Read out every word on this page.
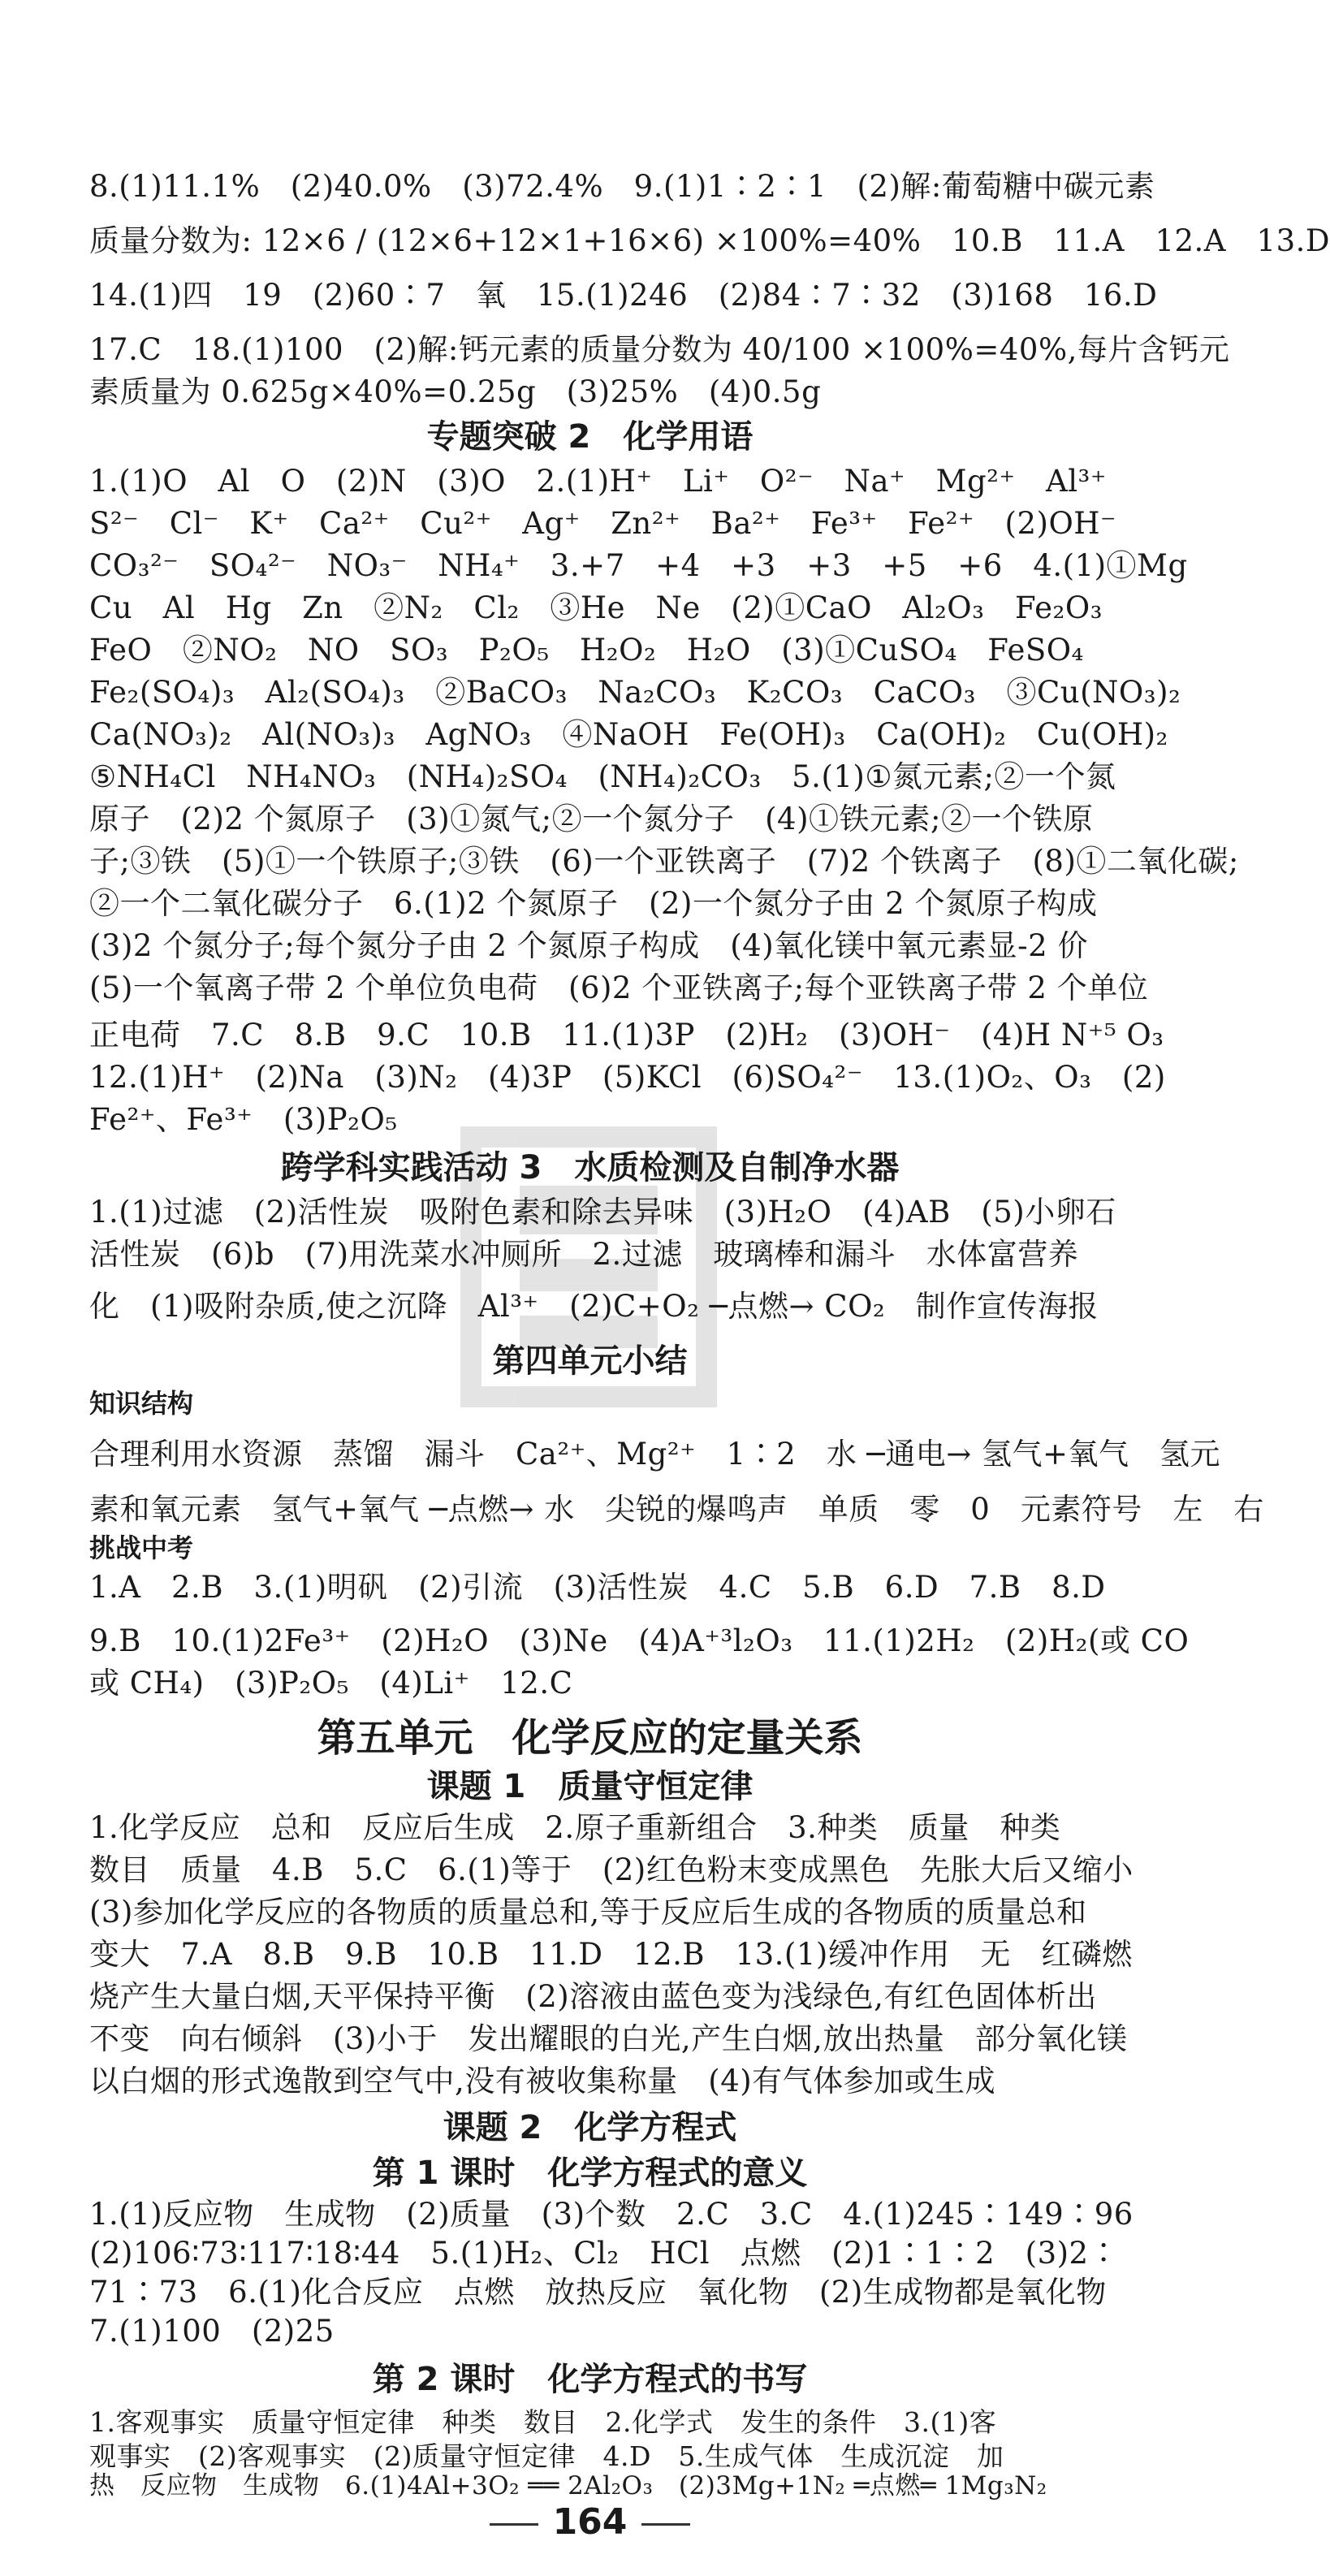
8.(1)11.1%　(2)40.0%　(3)72.4%　9.(1)1∶2∶1　(2)解:葡萄糖中碳元素
质量分数为: 12×6 / (12×6+12×1+16×6) ×100%=40%　10.B　11.A　12.A　13.D
14.(1)四　19　(2)60∶7　氧　15.(1)246　(2)84∶7∶32　(3)168　16.D
17.C　18.(1)100　(2)解:钙元素的质量分数为 40/100 ×100%=40%,每片含钙元
素质量为 0.625g×40%=0.25g　(3)25%　(4)0.5g
专题突破 2　化学用语
1.(1)O　Al　O　(2)N　(3)O　2.(1)H⁺　Li⁺　O²⁻　Na⁺　Mg²⁺　Al³⁺
S²⁻　Cl⁻　K⁺　Ca²⁺　Cu²⁺　Ag⁺　Zn²⁺　Ba²⁺　Fe³⁺　Fe²⁺　(2)OH⁻
CO₃²⁻　SO₄²⁻　NO₃⁻　NH₄⁺　3.+7　+4　+3　+3　+5　+6　4.(1)①Mg
Cu　Al　Hg　Zn　②N₂　Cl₂　③He　Ne　(2)①CaO　Al₂O₃　Fe₂O₃
FeO　②NO₂　NO　SO₃　P₂O₅　H₂O₂　H₂O　(3)①CuSO₄　FeSO₄
Fe₂(SO₄)₃　Al₂(SO₄)₃　②BaCO₃　Na₂CO₃　K₂CO₃　CaCO₃　③Cu(NO₃)₂
Ca(NO₃)₂　Al(NO₃)₃　AgNO₃　④NaOH　Fe(OH)₃　Ca(OH)₂　Cu(OH)₂
⑤NH₄Cl　NH₄NO₃　(NH₄)₂SO₄　(NH₄)₂CO₃　5.(1)①氮元素;②一个氮
原子　(2)2 个氮原子　(3)①氮气;②一个氮分子　(4)①铁元素;②一个铁原
子;③铁　(5)①一个铁原子;③铁　(6)一个亚铁离子　(7)2 个铁离子　(8)①二氧化碳;
②一个二氧化碳分子　6.(1)2 个氮原子　(2)一个氮分子由 2 个氮原子构成
(3)2 个氮分子;每个氮分子由 2 个氮原子构成　(4)氧化镁中氧元素显-2 价
(5)一个氧离子带 2 个单位负电荷　(6)2 个亚铁离子;每个亚铁离子带 2 个单位
正电荷　7.C　8.B　9.C　10.B　11.(1)3P　(2)H₂　(3)OH⁻　(4)H N⁺⁵ O₃
12.(1)H⁺　(2)Na　(3)N₂　(4)3P　(5)KCl　(6)SO₄²⁻　13.(1)O₂、O₃　(2)
Fe²⁺、Fe³⁺　(3)P₂O₅
跨学科实践活动 3　水质检测及自制净水器
1.(1)过滤　(2)活性炭　吸附色素和除去异味　(3)H₂O　(4)AB　(5)小卵石
活性炭　(6)b　(7)用洗菜水冲厕所　2.过滤　玻璃棒和漏斗　水体富营养
化　(1)吸附杂质,使之沉降　Al³⁺　(2)C+O₂ ─点燃→ CO₂　制作宣传海报
第四单元小结
知识结构
合理利用水资源　蒸馏　漏斗　Ca²⁺、Mg²⁺　1∶2　水 ─通电→ 氢气+氧气　氢元
素和氧元素　氢气+氧气 ─点燃→ 水　尖锐的爆鸣声　单质　零　0　元素符号　左　右
挑战中考
1.A　2.B　3.(1)明矾　(2)引流　(3)活性炭　4.C　5.B　6.D　7.B　8.D
9.B　10.(1)2Fe³⁺　(2)H₂O　(3)Ne　(4)A⁺³l₂O₃　11.(1)2H₂　(2)H₂(或 CO
或 CH₄)　(3)P₂O₅　(4)Li⁺　12.C
第五单元　化学反应的定量关系
课题 1　质量守恒定律
1.化学反应　总和　反应后生成　2.原子重新组合　3.种类　质量　种类
数目　质量　4.B　5.C　6.(1)等于　(2)红色粉末变成黑色　先胀大后又缩小
(3)参加化学反应的各物质的质量总和,等于反应后生成的各物质的质量总和
变大　7.A　8.B　9.B　10.B　11.D　12.B　13.(1)缓冲作用　无　红磷燃
烧产生大量白烟,天平保持平衡　(2)溶液由蓝色变为浅绿色,有红色固体析出
不变　向右倾斜　(3)小于　发出耀眼的白光,产生白烟,放出热量　部分氧化镁
以白烟的形式逸散到空气中,没有被收集称量　(4)有气体参加或生成
课题 2　化学方程式
第 1 课时　化学方程式的意义
1.(1)反应物　生成物　(2)质量　(3)个数　2.C　3.C　4.(1)245∶149∶96
(2)106∶73∶117∶18∶44　5.(1)H₂、Cl₂　HCl　点燃　(2)1∶1∶2　(3)2∶
71∶73　6.(1)化合反应　点燃　放热反应　氧化物　(2)生成物都是氧化物
7.(1)100　(2)25
第 2 课时　化学方程式的书写
1.客观事实　质量守恒定律　种类　数目　2.化学式　发生的条件　3.(1)客
观事实　(2)客观事实　(2)质量守恒定律　4.D　5.生成气体　生成沉淀　加
热　反应物　生成物　6.(1)4Al+3O₂ ══ 2Al₂O₃　(2)3Mg+1N₂ ═点燃═ 1Mg₃N₂
164
